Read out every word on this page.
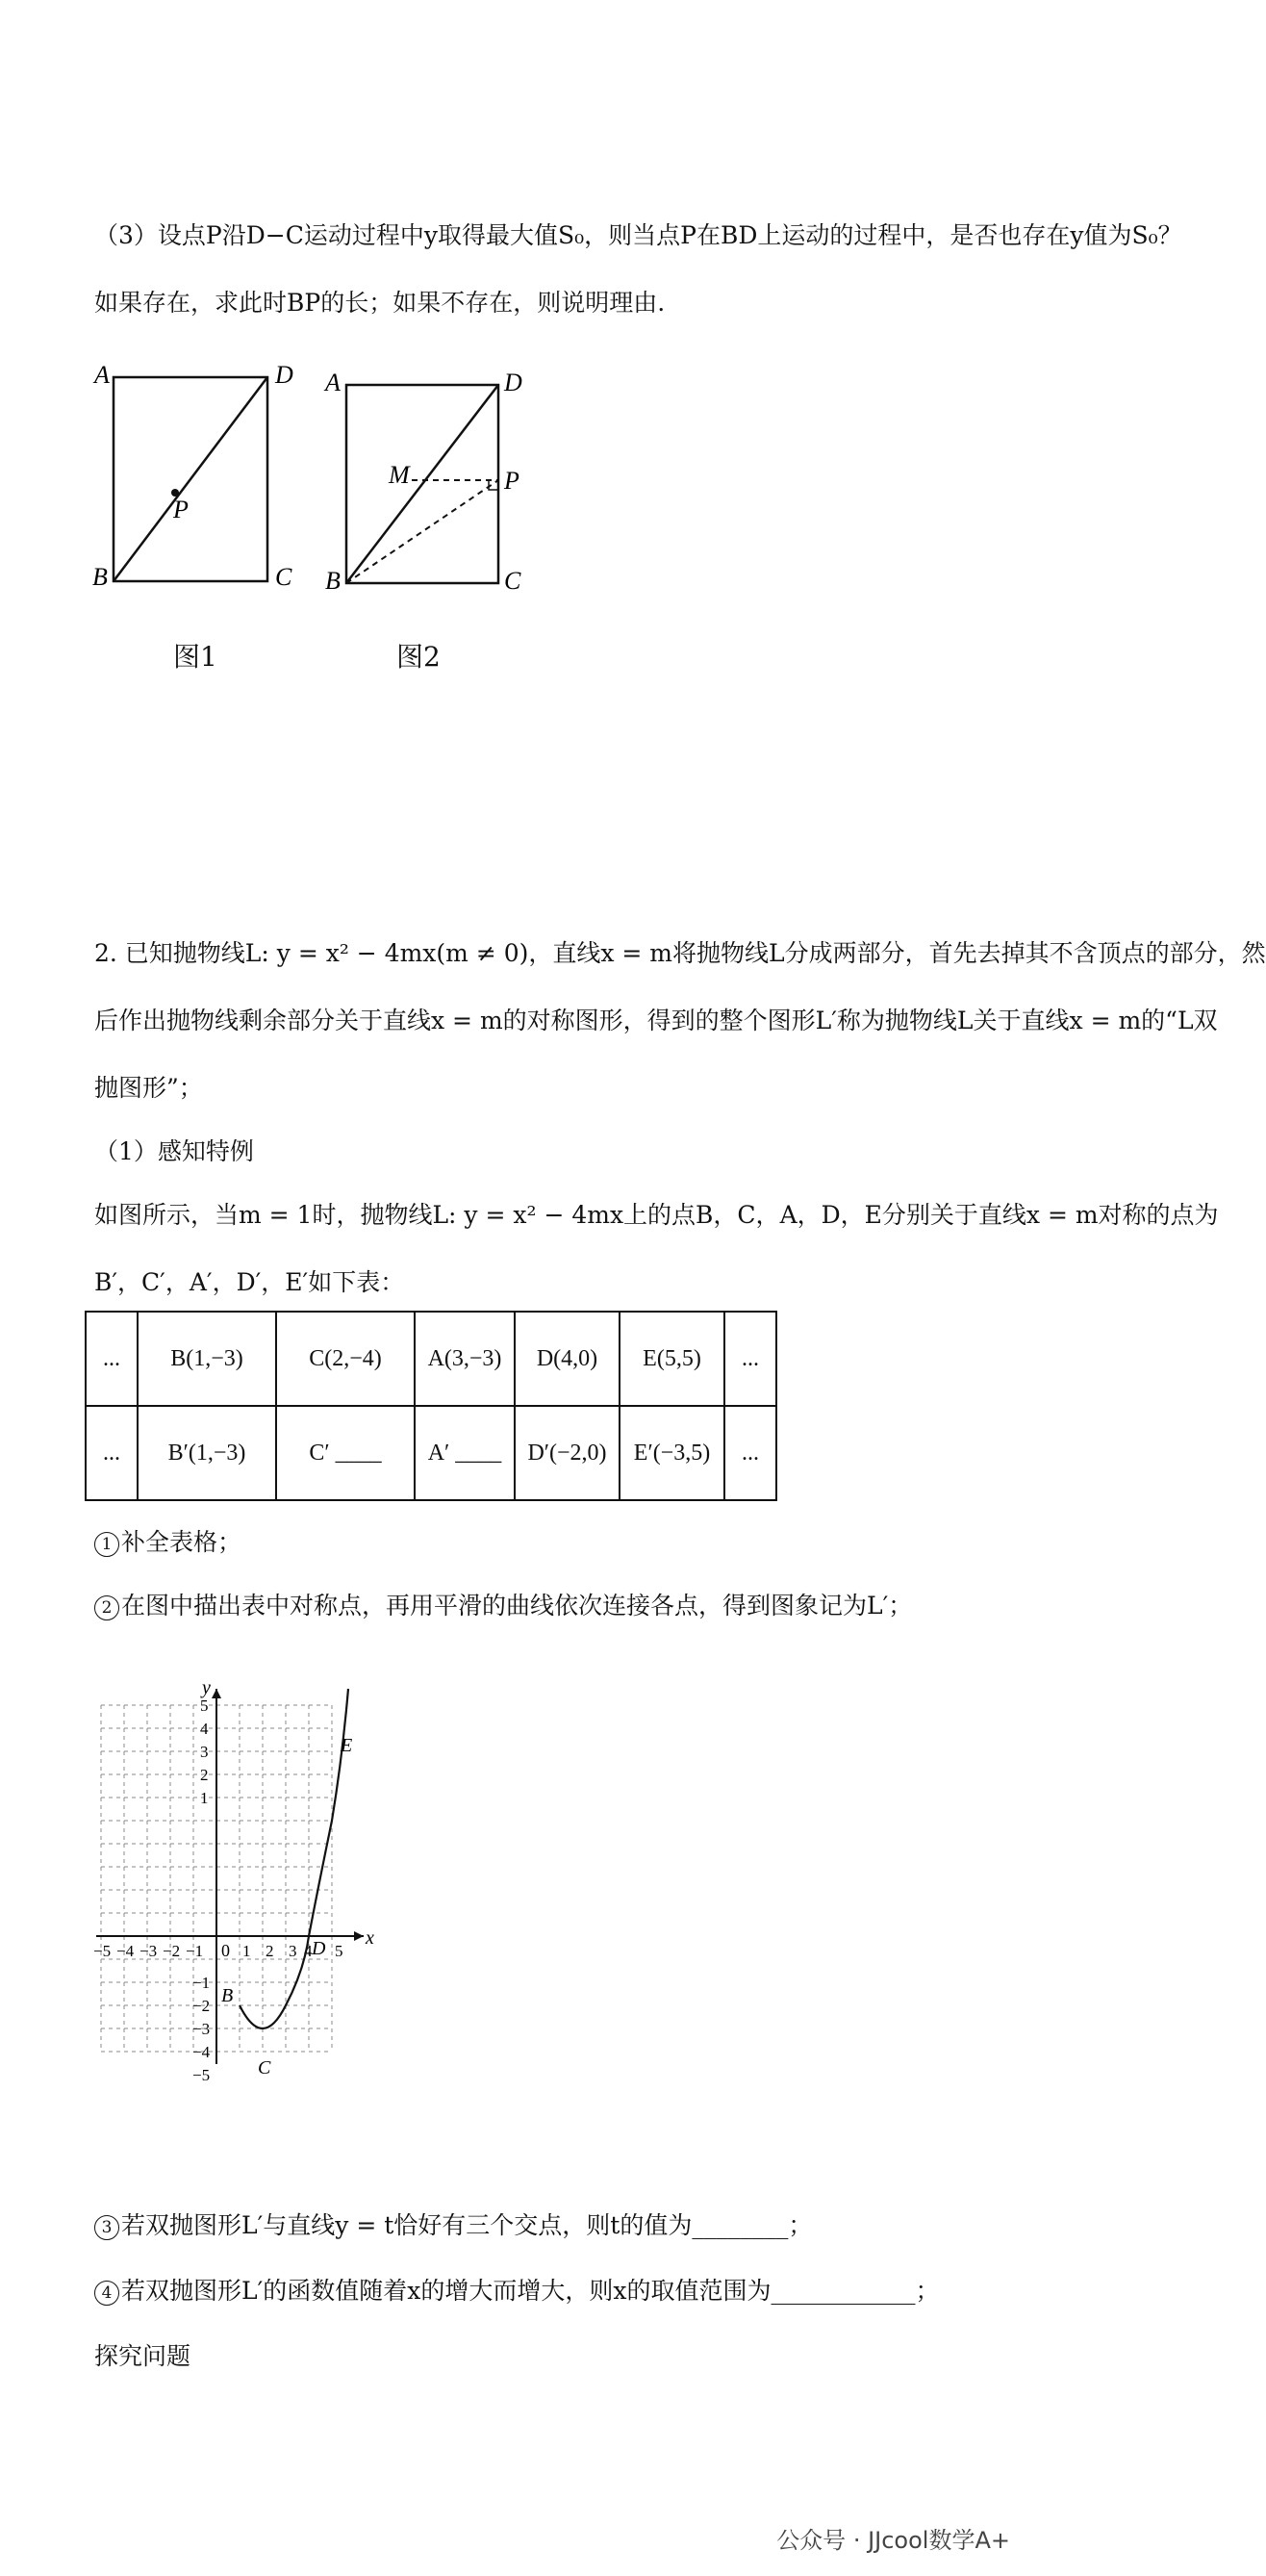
（3）设点P沿D−C运动过程中y取得最大值S₀，则当点P在BD上运动的过程中，是否也存在y值为S₀？
如果存在，求此时BP的长；如果不存在，则说明理由.
A	D
B	C
P
图1
A	D
B	C
P
M
图2
2. 已知抛物线L: y = x² − 4mx(m ≠ 0)，直线x = m将抛物线L分成两部分，首先去掉其不含顶点的部分，然
后作出抛物线剩余部分关于直线x = m的对称图形，得到的整个图形L′称为抛物线L关于直线x = m的“L双
抛图形”；
（1）感知特例
如图所示，当m = 1时，抛物线L: y = x² − 4mx上的点B，C，A，D，E分别关于直线x = m对称的点为
B′，C′，A′，D′，E′如下表：
...	B(1,−3)	C(2,−4)	A(3,−3)	D(4,0)	E(5,5)	...
...	B′(1,−3)	C′ ____	A′ ____	D′(−2,0)	E′(−3,5)	...
1 补全表格；
2 在图中描出表中对称点，再用平滑的曲线依次连接各点，得到图象记为L′；
x
y
0
−5 −4 −3 −2 −1 1 2 3 4 5
5
4
3
2
1
−1
−2
−3
−4
−5
B
C
D
E
3 若双抛图形L′与直线y = t恰好有三个交点，则t的值为________；
4 若双抛图形L′的函数值随着x的增大而增大，则x的取值范围为____________；
探究问题
公众号 · JJcool数学A+
